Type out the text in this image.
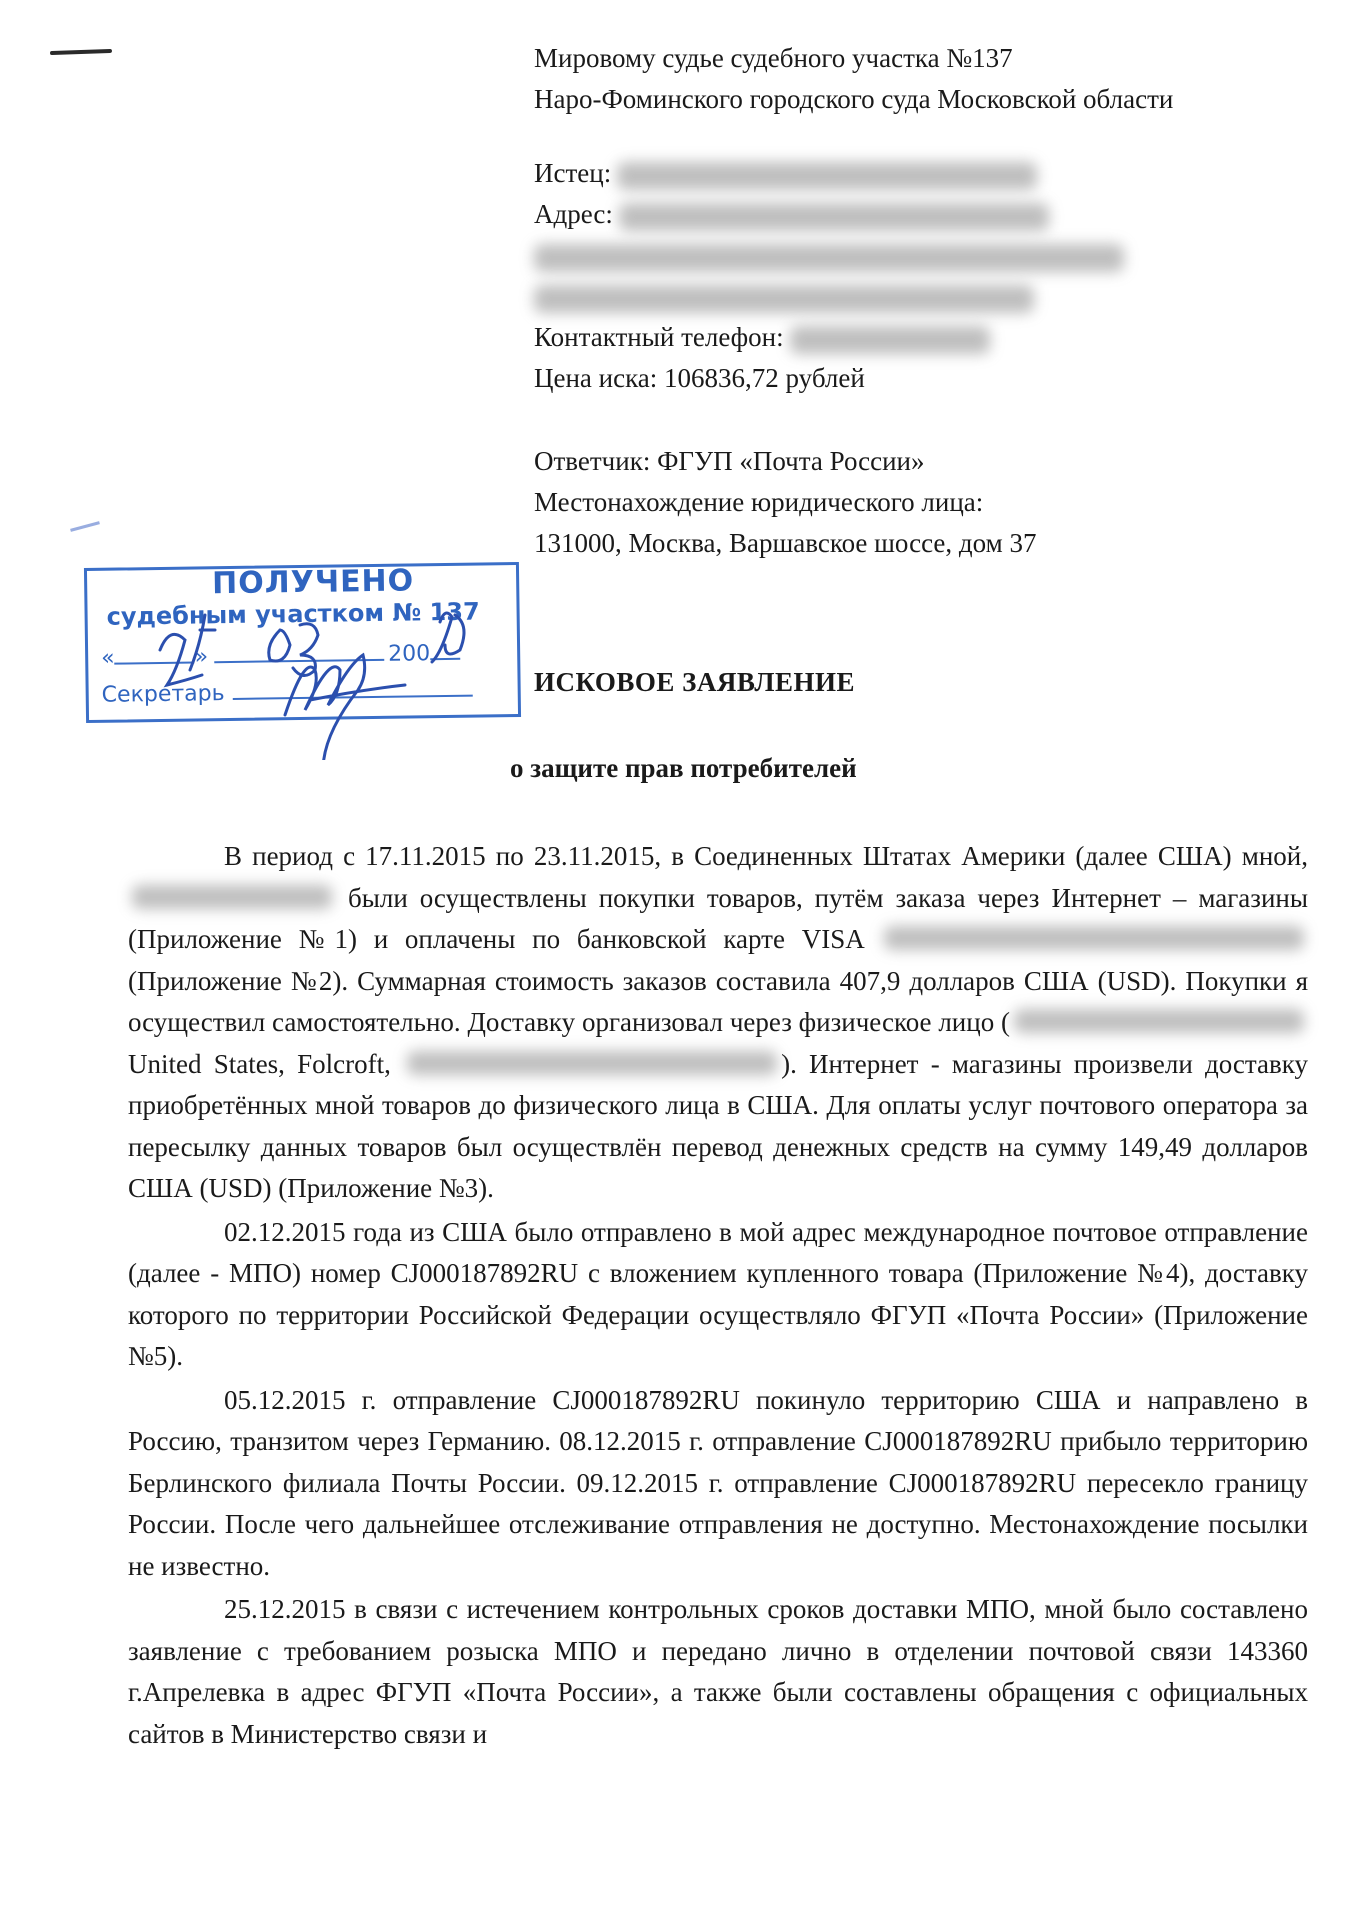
Мировому судье судебного участка №137
Наро-Фоминского городского суда Московской области
Истец:
Адрес:
Контактный телефон:
Цена иска: 106836,72 рублей
Ответчик: ФГУП «Почта России»
Местонахождение юридического лица:
131000, Москва, Варшавское шоссе, дом 37
ПОЛУЧЕНО
судебным участком № 137
«	»	200
Секретарь	ИСКОВОЕ ЗАЯВЛЕНИЕ
о защите прав потребителей

В период с 17.11.2015 по 23.11.2015, в Соединенных Штатах Америки (далее США) мной,  были осуществлены покупки товаров, путём заказа через Интернет – магазины (Приложение №1) и оплачены по банковской карте VISA  (Приложение №2). Суммарная стоимость заказов составила 407,9 долларов США (USD). Покупки я осуществил самостоятельно. Доставку организовал через физическое лицо ( United States, Folcroft,	). Интернет - магазины произвели доставку приобретённых мной товаров до физического лица в США. Для оплаты услуг почтового оператора за пересылку данных товаров был осуществлён перевод денежных средств на сумму 149,49 долларов США (USD) (Приложение №3).

02.12.2015 года из США было отправлено в мой адрес международное почтовое отправление (далее - МПО) номер CJ000187892RU с вложением купленного товара (Приложение №4), доставку которого по территории Российской Федерации осуществляло ФГУП «Почта России» (Приложение №5).

05.12.2015 г. отправление CJ000187892RU покинуло территорию США и направлено в Россию, транзитом через Германию. 08.12.2015 г. отправление CJ000187892RU прибыло территорию Берлинского филиала Почты России. 09.12.2015 г. отправление CJ000187892RU пересекло границу России. После чего дальнейшее отслеживание отправления не доступно. Местонахождение посылки не известно.

25.12.2015 в связи с истечением контрольных сроков доставки МПО, мной было составлено заявление с требованием розыска МПО и передано лично в отделении почтовой связи 143360 г.Апрелевка в адрес ФГУП «Почта России», а также были составлены обращения с официальных сайтов в Министерство связи и
